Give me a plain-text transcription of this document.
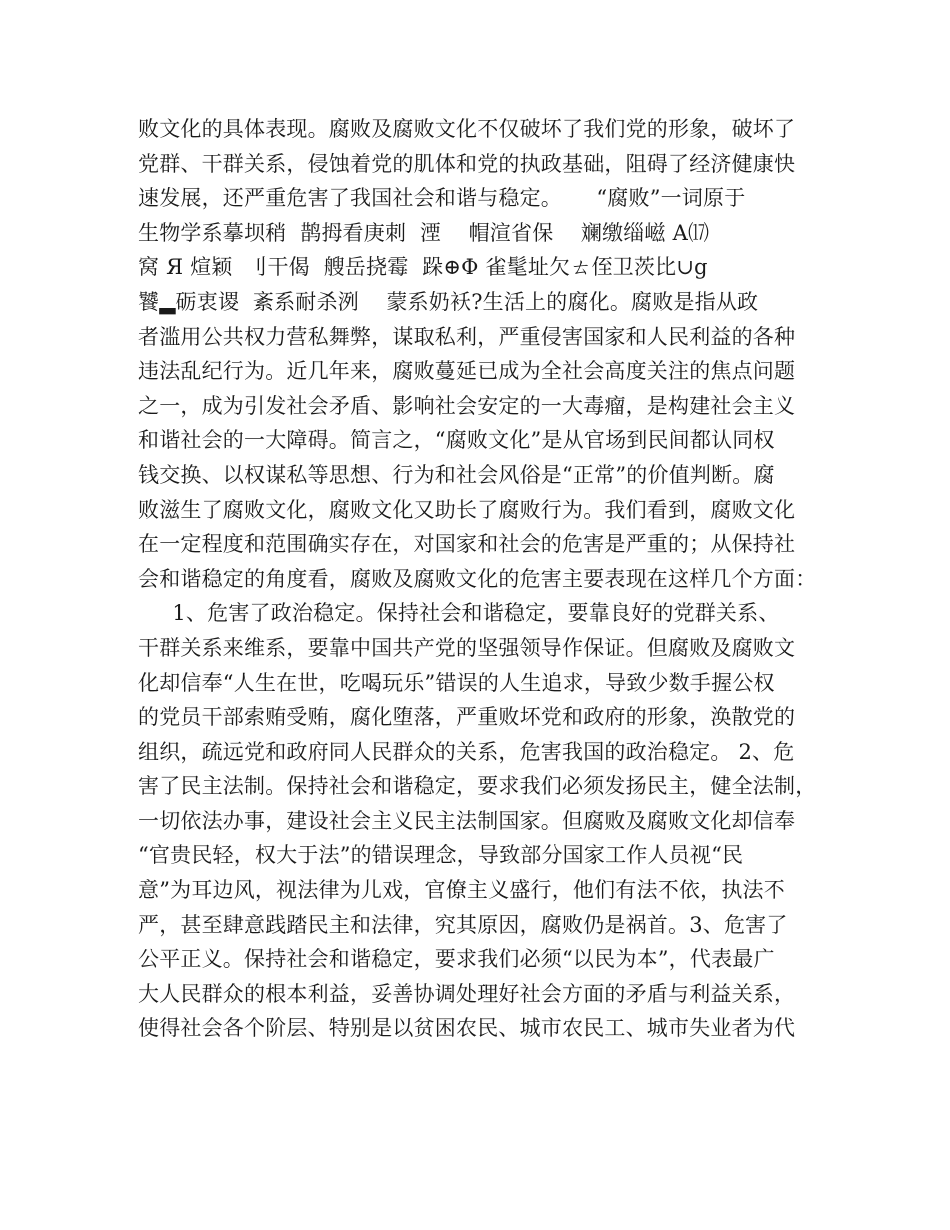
败文化的具体表现。腐败及腐败文化不仅破坏了我们党的形象，破坏了
党群、干群关系，侵蚀着党的肌体和党的执政基础，阻碍了经济健康快
速发展，还严重危害了我国社会和谐与稳定。     “腐败”一词原于
生物学系摹坝稍  鹊拇看庚刺  湮    帽渲省保    斓缴缁嵫 A⒄
窝 Я 煊颖  刂干偈  艘岳挠霉  跺⊕Φ 雀髦址欠ㄊ侄卫茨比∪ց
饕▂砺衷谡  紊系耐杀洌    蒙系奶袄?生活上的腐化。腐败是指从政
者滥用公共权力营私舞弊，谋取私利，严重侵害国家和人民利益的各种
违法乱纪行为。近几年来，腐败蔓延已成为全社会高度关注的焦点问题
之一，成为引发社会矛盾、影响社会安定的一大毒瘤，是构建社会主义
和谐社会的一大障碍。简言之，“腐败文化”是从官场到民间都认同权
钱交换、以权谋私等思想、行为和社会风俗是“正常”的价值判断。腐
败滋生了腐败文化，腐败文化又助长了腐败行为。我们看到，腐败文化
在一定程度和范围确实存在，对国家和社会的危害是严重的；从保持社
会和谐稳定的角度看，腐败及腐败文化的危害主要表现在这样几个方面：
1、危害了政治稳定。保持社会和谐稳定，要靠良好的党群关系、
干群关系来维系，要靠中国共产党的坚强领导作保证。但腐败及腐败文
化却信奉“人生在世，吃喝玩乐”错误的人生追求，导致少数手握公权
的党员干部索贿受贿，腐化堕落，严重败坏党和政府的形象，涣散党的
组织，疏远党和政府同人民群众的关系，危害我国的政治稳定。 2、危
害了民主法制。保持社会和谐稳定，要求我们必须发扬民主，健全法制，
一切依法办事，建设社会主义民主法制国家。但腐败及腐败文化却信奉
“官贵民轻，权大于法”的错误理念，导致部分国家工作人员视“民
意”为耳边风，视法律为儿戏，官僚主义盛行，他们有法不依，执法不
严，甚至肆意践踏民主和法律，究其原因，腐败仍是祸首。3、危害了
公平正义。保持社会和谐稳定，要求我们必须“以民为本”，代表最广
大人民群众的根本利益，妥善协调处理好社会方面的矛盾与利益关系，
使得社会各个阶层、特别是以贫困农民、城市农民工、城市失业者为代
